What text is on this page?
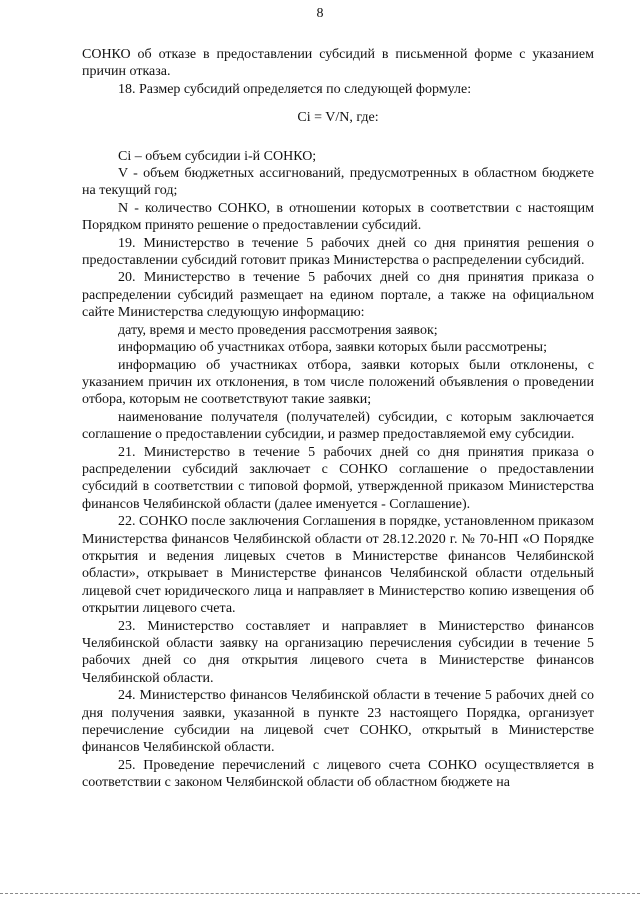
8

СОНКО об отказе в предоставлении субсидий в письменной форме с указанием причин отказа.

18. Размер субсидий определяется по следующей формуле:

Ci = V/N, где:

Ci – объем субсидии i-й СОНКО;

V - объем бюджетных ассигнований, предусмотренных в областном бюджете на текущий год;

N - количество СОНКО, в отношении которых в соответствии с настоящим Порядком принято решение о предоставлении субсидий.

19. Министерство в течение 5 рабочих дней со дня принятия решения о предоставлении субсидий готовит приказ Министерства о распределении субсидий.

20. Министерство в течение 5 рабочих дней со дня принятия приказа о распределении субсидий размещает на едином портале, а также на официальном сайте Министерства следующую информацию:

дату, время и место проведения рассмотрения заявок;

информацию об участниках отбора, заявки которых были рассмотрены;

информацию об участниках отбора, заявки которых были отклонены, с указанием причин их отклонения, в том числе положений объявления о проведении отбора, которым не соответствуют такие заявки;

наименование получателя (получателей) субсидии, с которым заключается соглашение о предоставлении субсидии, и размер предоставляемой ему субсидии.

21. Министерство в течение 5 рабочих дней со дня принятия приказа о распределении субсидий заключает с СОНКО соглашение о предоставлении субсидий в соответствии с типовой формой, утвержденной приказом Министерства финансов Челябинской области (далее именуется - Соглашение).

22. СОНКО после заключения Соглашения в порядке, установленном приказом Министерства финансов Челябинской области от 28.12.2020 г. № 70-НП «О Порядке открытия и ведения лицевых счетов в Министерстве финансов Челябинской области», открывает в Министерстве финансов Челябинской области отдельный лицевой счет юридического лица и направляет в Министерство копию извещения об открытии лицевого счета.

23. Министерство составляет и направляет в Министерство финансов Челябинской области заявку на организацию перечисления субсидии в течение 5 рабочих дней со дня открытия лицевого счета в Министерстве финансов Челябинской области.

24. Министерство финансов Челябинской области в течение 5 рабочих дней со дня получения заявки, указанной в пункте 23 настоящего Порядка, организует перечисление субсидии на лицевой счет СОНКО, открытый в Министерстве финансов Челябинской области.

25. Проведение перечислений с лицевого счета СОНКО осуществляется в соответствии с законом Челябинской области об областном бюджете на
